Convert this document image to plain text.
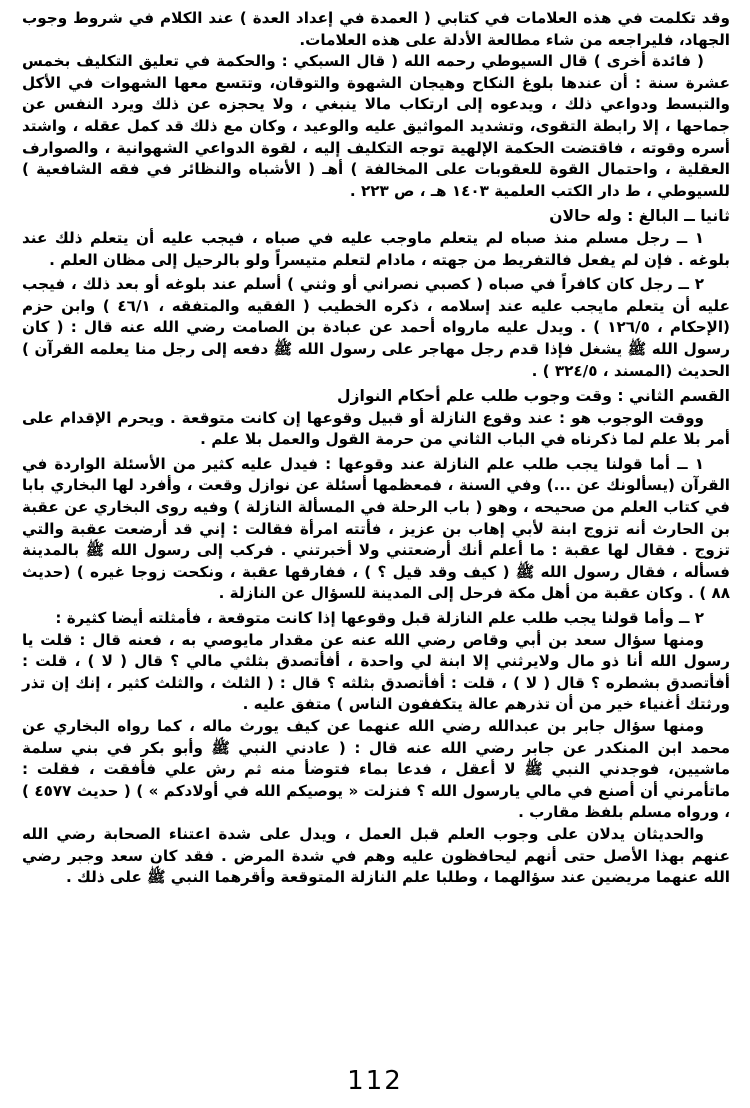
وقد تكلمت في هذه العلامات في كتابي ( العمدة في إعداد العدة ) عند الكلام في شروط وجوب الجهاد، فليراجعه من شاء مطالعة الأدلة على هذه العلامات.

( فائدة أخرى ) قال السيوطي رحمه الله ( قال السبكي : والحكمة في تعليق التكليف بخمس عشرة سنة : أن عندها بلوغ النكاح وهيجان الشهوة والتوقان، وتتسع معها الشهوات في الأكل والتبسط ودواعي ذلك ، ويدعوه إلى ارتكاب مالا ينبغي ، ولا يحجزه عن ذلك ويرد النفس عن جماحها ، إلا رابطة التقوى، وتشديد المواثيق عليه والوعيد ، وكان مع ذلك قد كمل عقله ، واشتد أسره وقوته ، فاقتضت الحكمة الإلهية توجه التكليف إليه ، لقوة الدواعي الشهوانية ، والصوارف العقلية ، واحتمال القوة للعقوبات على المخالفة ) أهـ ( الأشباه والنظائر في فقه الشافعية ) للسيوطي ، ط دار الكتب العلمية ١٤٠٣ هـ ، ص ٢٢٣ .

ثانيا ــ البالغ : وله حالان

١ ــ رجل مسلم منذ صباه لم يتعلم ماوجب عليه في صباه ، فيجب عليه أن يتعلم ذلك عند بلوغه . فإن لم يفعل فالتفريط من جهته ، مادام لتعلم متيسراً ولو بالرحيل إلى مظان العلم .

٢ ــ رجل كان كافراً في صباه ( كصبي نصراني أو وثني ) أسلم عند بلوغه أو بعد ذلك ، فيجب عليه أن يتعلم مايجب عليه عند إسلامه ، ذكره الخطيب ( الفقيه والمتفقه ، ٤٦/١ ) وابن حزم (الإحكام ، ١٢٦/٥ ) . ويدل عليه مارواه أحمد عن عبادة بن الصامت رضي الله عنه قال : ( كان رسول الله ﷺ يشغل فإذا قدم رجل مهاجر على رسول الله ﷺ دفعه إلى رجل منا يعلمه القرآن ) الحديث (المسند ، ٣٢٤/٥ ) .

القسم الثاني : وقت وجوب طلب علم أحكام النوازل

ووقت الوجوب هو : عند وقوع النازلة أو قبيل وقوعها إن كانت متوقعة . ويحرم الإقدام على أمر بلا علم لما ذكرناه في الباب الثاني من حرمة القول والعمل بلا علم .

١ ــ أما قولنا يجب طلب علم النازلة عند وقوعها : فيدل عليه كثير من الأسئلة الواردة في القرآن (يسألونك عن ...) وفي السنة ، فمعظمها أسئلة عن نوازل وقعت ، وأفرد لها البخاري بابا في كتاب العلم من صحيحه ، وهو ( باب الرحلة في المسألة النازلة ) وفيه روى البخاري عن عقبة بن الحارث أنه تزوج ابنة لأبي إهاب بن عزيز ، فأتته امرأة فقالت : إني قد أرضعت عقبة والتي تزوج . فقال لها عقبة : ما أعلم أنك أرضعتني ولا أخبرتني . فركب إلى رسول الله ﷺ بالمدينة فسأله ، فقال رسول الله ﷺ ( كيف وقد قيل ؟ ) ، ففارقها عقبة ، ونكحت زوجا غيره ) (حديث ٨٨ ) . وكان عقبة من أهل مكة فرحل إلى المدينة للسؤال عن النازلة .

٢ ــ وأما قولنا يجب طلب علم النازلة قبل وقوعها إذا كانت متوقعة ، فأمثلته أيضا كثيرة :

ومنها سؤال سعد بن أبي وقاص رضي الله عنه عن مقدار مايوصي به ، فعنه قال : قلت يا رسول الله أنا ذو مال ولايرثني إلا ابنة لي واحدة ، أفأتصدق بثلثي مالي ؟ قال ( لا ) ، قلت : أفأتصدق بشطره ؟ قال ( لا ) ، قلت : أفأتصدق بثلثه ؟ قال : ( الثلث ، والثلث كثير ، إنك إن تذر ورثتك أغنياء خير من أن تذرهم عالة يتكففون الناس ) متفق عليه .

ومنها سؤال جابر بن عبدالله رضي الله عنهما عن كيف يورث ماله ، كما رواه البخاري عن محمد ابن المنكدر عن جابر رضي الله عنه قال : ( عادني النبي ﷺ وأبو بكر في بني سلمة ماشيين، فوجدني النبي ﷺ لا أعقل ، فدعا بماء فتوضأ منه ثم رش علي فأفقت ، فقلت : ماتأمرني أن أصنع في مالي يارسول الله ؟ فنزلت « يوصيكم الله في أولادكم » ) ( حديث ٤٥٧٧ ) ، ورواه مسلم بلفظ مقارب .

والحديثان يدلان على وجوب العلم قبل العمل ، ويدل على شدة اعتناء الصحابة رضي الله عنهم بهذا الأصل حتى أنهم ليحافظون عليه وهم في شدة المرض . فقد كان سعد وجبر رضي الله عنهما مريضين عند سؤالهما ، وطلبا علم النازلة المتوقعة وأقرهما النبي ﷺ على ذلك .

112
